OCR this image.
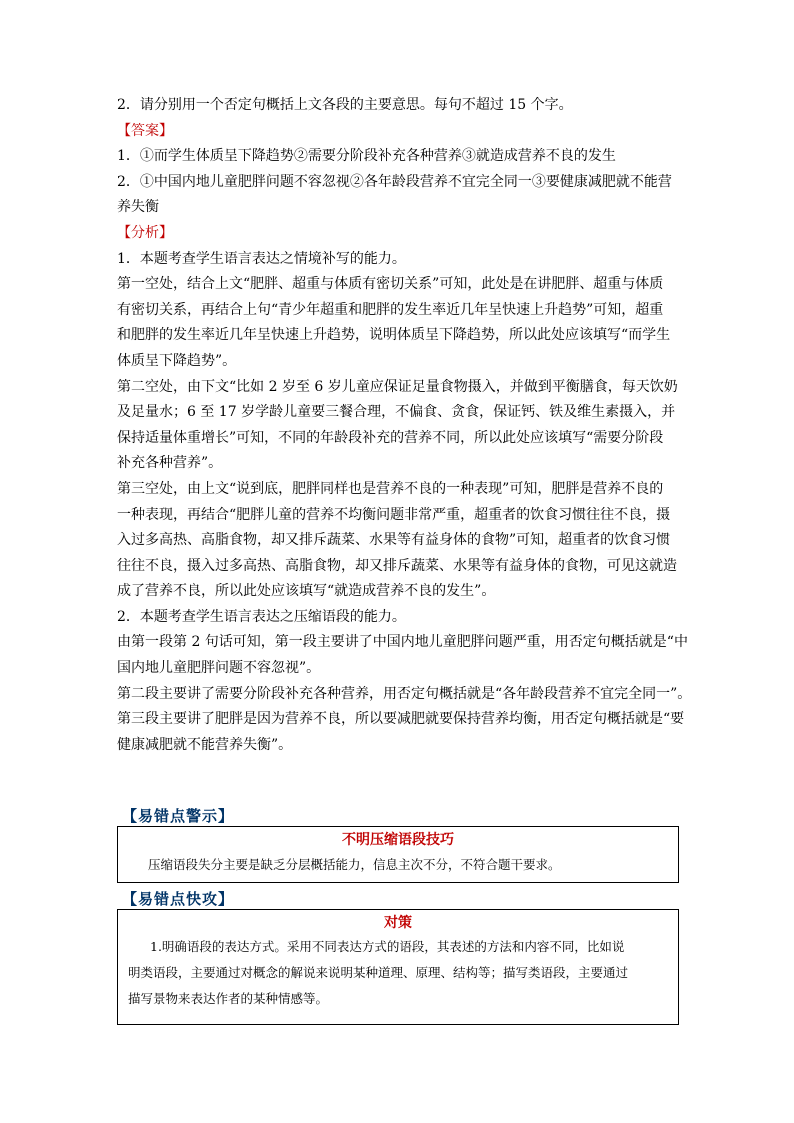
2．请分别用一个否定句概括上文各段的主要意思。每句不超过 15 个字。

【答案】

1．①而学生体质呈下降趋势②需要分阶段补充各种营养③就造成营养不良的发生

2．①中国内地儿童肥胖问题不容忽视②各年龄段营养不宜完全同一③要健康减肥就不能营

养失衡

【分析】

1．本题考查学生语言表达之情境补写的能力。

第一空处，结合上文“肥胖、超重与体质有密切关系”可知，此处是在讲肥胖、超重与体质

有密切关系，再结合上句“青少年超重和肥胖的发生率近几年呈快速上升趋势”可知，超重

和肥胖的发生率近几年呈快速上升趋势，说明体质呈下降趋势，所以此处应该填写“而学生

体质呈下降趋势”。

第二空处，由下文“比如 2 岁至 6 岁儿童应保证足量食物摄入，并做到平衡膳食，每天饮奶

及足量水；6 至 17 岁学龄儿童要三餐合理，不偏食、贪食，保证钙、铁及维生素摄入，并

保持适量体重增长”可知，不同的年龄段补充的营养不同，所以此处应该填写“需要分阶段

补充各种营养”。

第三空处，由上文“说到底，肥胖同样也是营养不良的一种表现”可知，肥胖是营养不良的

一种表现，再结合“肥胖儿童的营养不均衡问题非常严重，超重者的饮食习惯往往不良，摄

入过多高热、高脂食物，却又排斥蔬菜、水果等有益身体的食物”可知，超重者的饮食习惯

往往不良，摄入过多高热、高脂食物，却又排斥蔬菜、水果等有益身体的食物，可见这就造

成了营养不良，所以此处应该填写“就造成营养不良的发生”。

2．本题考查学生语言表达之压缩语段的能力。

由第一段第 2 句话可知，第一段主要讲了中国内地儿童肥胖问题严重，用否定句概括就是“中

国内地儿童肥胖问题不容忽视”。

第二段主要讲了需要分阶段补充各种营养，用否定句概括就是“各年龄段营养不宜完全同一”。

第三段主要讲了肥胖是因为营养不良，所以要减肥就要保持营养均衡，用否定句概括就是“要

健康减肥就不能营养失衡”。

【易错点警示】
不明压缩语段技巧
压缩语段失分主要是缺乏分层概括能力，信息主次不分，不符合题干要求。
【易错点快攻】
对策
1.明确语段的表达方式。采用不同表达方式的语段，其表述的方法和内容不同，比如说
明类语段，主要通过对概念的解说来说明某种道理、原理、结构等；描写类语段，主要通过
描写景物来表达作者的某种情感等。
